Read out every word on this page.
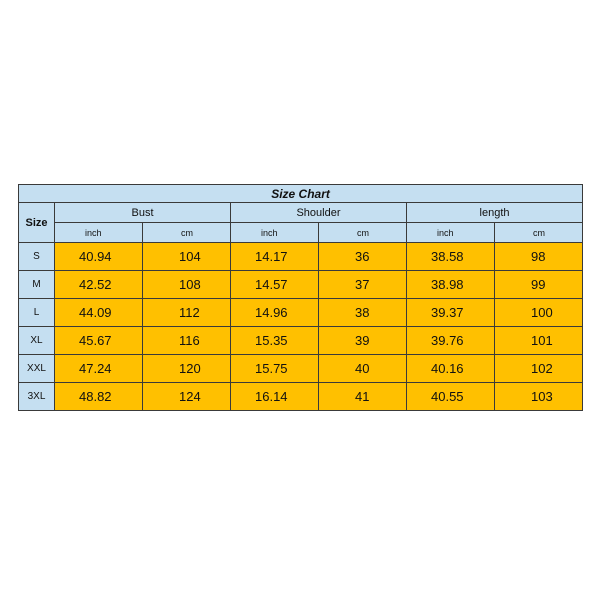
Size Chart						
Size	Bust		Shoulder		length	
	inch	cm	inch	cm	inch	cm
S	40.94	104	14.17	36	38.58	98
M	42.52	108	14.57	37	38.98	99
L	44.09	112	14.96	38	39.37	100
XL	45.67	116	15.35	39	39.76	101
XXL	47.24	120	15.75	40	40.16	102
3XL	48.82	124	16.14	41	40.55	103
